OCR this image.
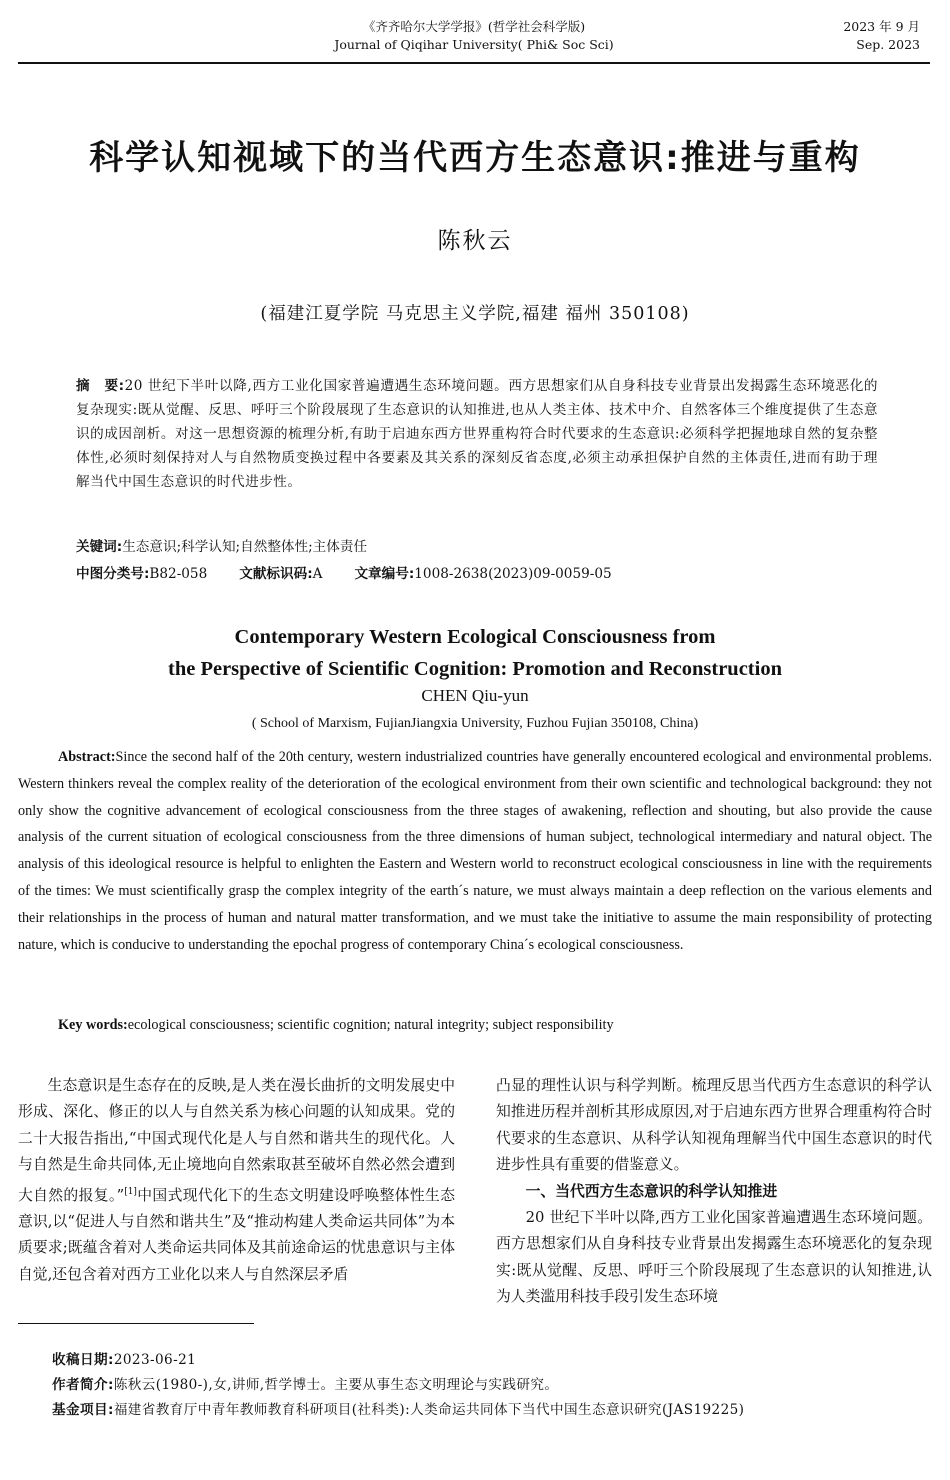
《齐齐哈尔大学学报》(哲学社会科学版)
Journal of Qiqihar University( Phi& Soc Sci)
2023 年 9 月
Sep. 2023
科学认知视域下的当代西方生态意识:推进与重构
陈秋云
(福建江夏学院 马克思主义学院,福建 福州 350108)
摘　要:20 世纪下半叶以降,西方工业化国家普遍遭遇生态环境问题。西方思想家们从自身科技专业背景出发揭露生态环境恶化的复杂现实:既从觉醒、反思、呼吁三个阶段展现了生态意识的认知推进,也从人类主体、技术中介、自然客体三个维度提供了生态意识的成因剖析。对这一思想资源的梳理分析,有助于启迪东西方世界重构符合时代要求的生态意识:必须科学把握地球自然的复杂整体性,必须时刻保持对人与自然物质变换过程中各要素及其关系的深刻反省态度,必须主动承担保护自然的主体责任,进而有助于理解当代中国生态意识的时代进步性。
关键词:生态意识;科学认知;自然整体性;主体责任
中图分类号:B82-058 文献标识码:A 文章编号:1008-2638(2023)09-0059-05
Contemporary Western Ecological Consciousness from
the Perspective of Scientific Cognition: Promotion and Reconstruction
CHEN Qiu-yun
( School of Marxism, FujianJiangxia University, Fuzhou Fujian 350108, China)
Abstract:Since the second half of the 20th century, western industrialized countries have generally encountered ecological and environmental problems. Western thinkers reveal the complex reality of the deterioration of the ecological environment from their own scientific and technological background: they not only show the cognitive advancement of ecological consciousness from the three stages of awakening, reflection and shouting, but also provide the cause analysis of the current situation of ecological consciousness from the three dimensions of human subject, technological intermediary and natural object. The analysis of this ideological resource is helpful to enlighten the Eastern and Western world to reconstruct ecological consciousness in line with the requirements of the times: We must scientifically grasp the complex integrity of the earth´s nature, we must always maintain a deep reflection on the various elements and their relationships in the process of human and natural matter transformation, and we must take the initiative to assume the main responsibility of protecting nature, which is conducive to understanding the epochal progress of contemporary China´s ecological consciousness.
Key words:ecological consciousness; scientific cognition; natural integrity; subject responsibility

生态意识是生态存在的反映,是人类在漫长曲折的文明发展史中形成、深化、修正的以人与自然关系为核心问题的认知成果。党的二十大报告指出,“中国式现代化是人与自然和谐共生的现代化。人与自然是生命共同体,无止境地向自然索取甚至破坏自然必然会遭到大自然的报复。”[1]中国式现代化下的生态文明建设呼唤整体性生态意识,以“促进人与自然和谐共生”及“推动构建人类命运共同体”为本质要求;既蕴含着对人类命运共同体及其前途命运的忧患意识与主体自觉,还包含着对西方工业化以来人与自然深层矛盾

凸显的理性认识与科学判断。梳理反思当代西方生态意识的科学认知推进历程并剖析其形成原因,对于启迪东西方世界合理重构符合时代要求的生态意识、从科学认知视角理解当代中国生态意识的时代进步性具有重要的借鉴意义。

一、当代西方生态意识的科学认知推进

20 世纪下半叶以降,西方工业化国家普遍遭遇生态环境问题。西方思想家们从自身科技专业背景出发揭露生态环境恶化的复杂现实:既从觉醒、反思、呼吁三个阶段展现了生态意识的认知推进,认为人类滥用科技手段引发生态环境

收稿日期:2023-06-21
作者简介:陈秋云(1980-),女,讲师,哲学博士。主要从事生态文明理论与实践研究。
基金项目:福建省教育厅中青年教师教育科研项目(社科类):人类命运共同体下当代中国生态意识研究(JAS19225)
